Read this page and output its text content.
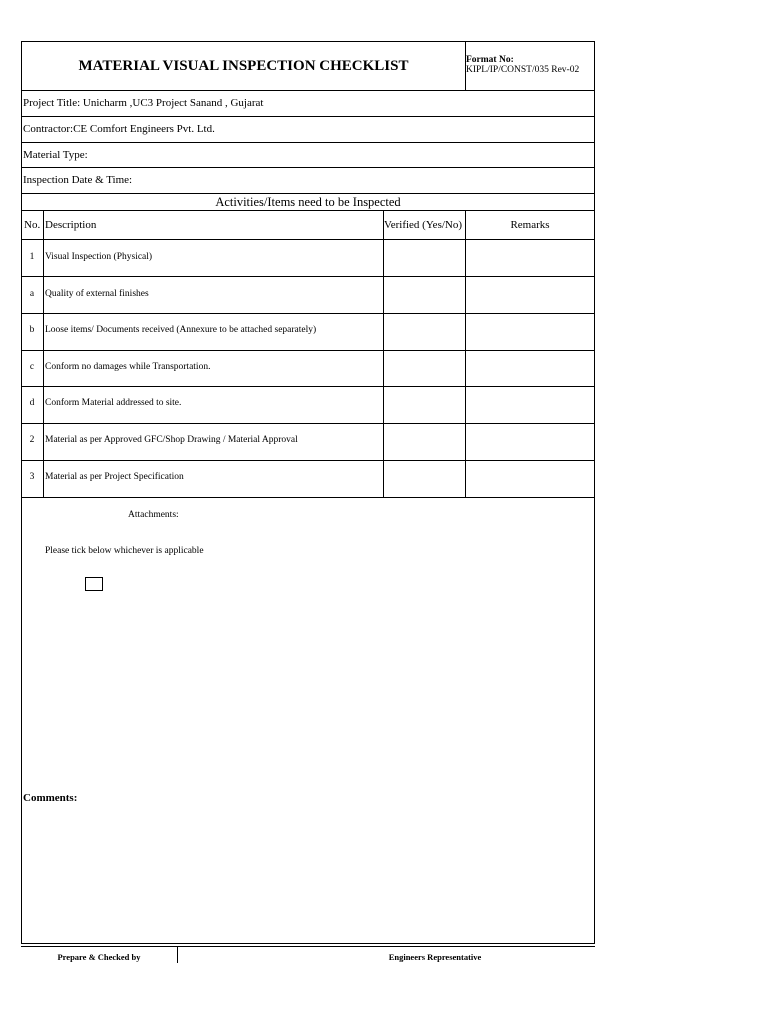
MATERIAL VISUAL INSPECTION CHECKLIST	Format No:
KIPL/IP/CONST/035 Rev-02
Project Title: Unicharm ,UC3 Project Sanand , Gujarat
Contractor:CE Comfort Engineers Pvt. Ltd.
Material Type:
Inspection Date & Time:
Activities/Items need to be Inspected
No. Description	Verified (Yes/No)	Remarks
1	Visual Inspection (Physical)
a	Quality of external finishes
b	Loose items/ Documents received (Annexure to be attached separately)
c	Conform no damages while Transportation.
d	Conform Material addressed to site.
2	Material as per Approved GFC/Shop Drawing / Material Approval
3	Material as per Project Specification
Attachments:
Please tick below whichever is applicable
Comments:
Prepare & Checked by	Engineers Representative
